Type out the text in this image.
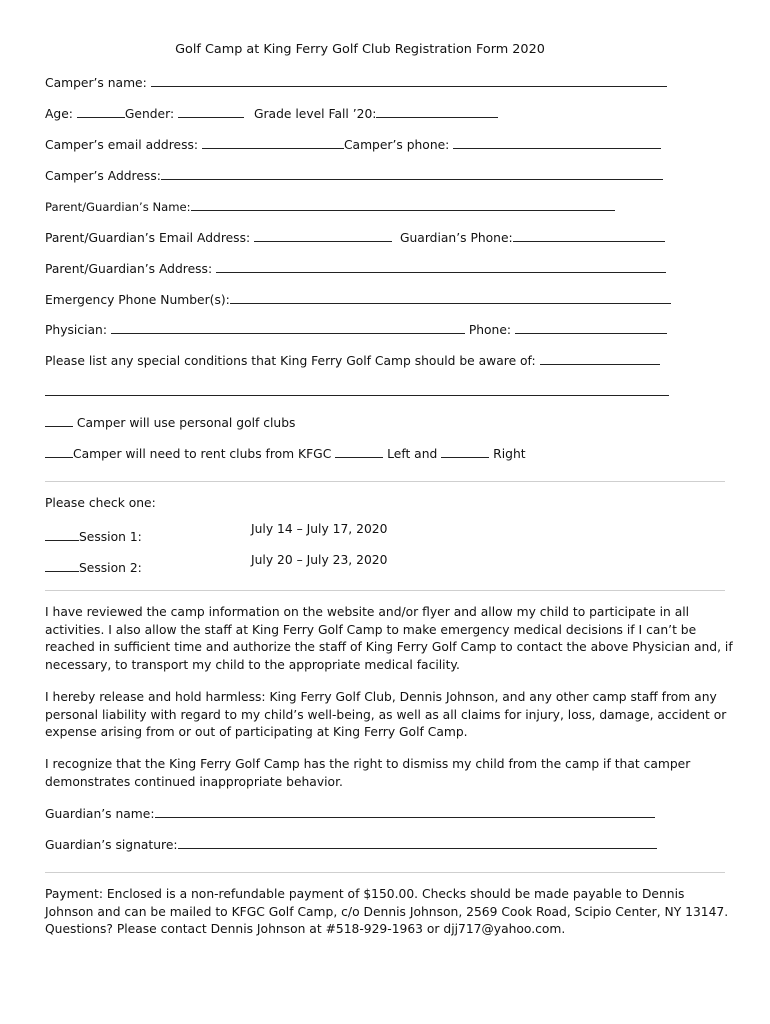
Golf Camp at King Ferry Golf Club Registration Form 2020
Camper’s name:
Age:	Gender:	Grade level Fall ’20:
Camper’s email address:	Camper’s phone:
Camper’s Address:
Parent/Guardian’s Name:
Parent/Guardian’s Email Address:	Guardian’s Phone:
Parent/Guardian’s Address:
Emergency Phone Number(s):
Physician:	Phone:
Please list any special conditions that King Ferry Golf Camp should be aware of:
Camper will use personal golf clubs
Camper will need to rent clubs from KFGC	Left and	Right
Please check one:
Session 1:
July 14 – July 17, 2020
Session 2:
July 20 – July 23, 2020
I have reviewed the camp information on the website and/or flyer and allow my child to participate in all activities. I also allow the staff at King Ferry Golf Camp to make emergency medical decisions if I can’t be reached in sufficient time and authorize the staff of King Ferry Golf Camp to contact the above Physician and, if necessary, to transport my child to the appropriate medical facility.
I hereby release and hold harmless: King Ferry Golf Club, Dennis Johnson, and any other camp staff from any personal liability with regard to my child’s well-being, as well as all claims for injury, loss, damage, accident or expense arising from or out of participating at King Ferry Golf Camp.
I recognize that the King Ferry Golf Camp has the right to dismiss my child from the camp if that camper demonstrates continued inappropriate behavior.
Guardian’s name:
Guardian’s signature:
Payment: Enclosed is a non-refundable payment of $150.00. Checks should be made payable to Dennis Johnson and can be mailed to KFGC Golf Camp, c/o Dennis Johnson, 2569 Cook Road, Scipio Center, NY 13147. Questions? Please contact Dennis Johnson at #518-929-1963 or djj717@yahoo.com.
